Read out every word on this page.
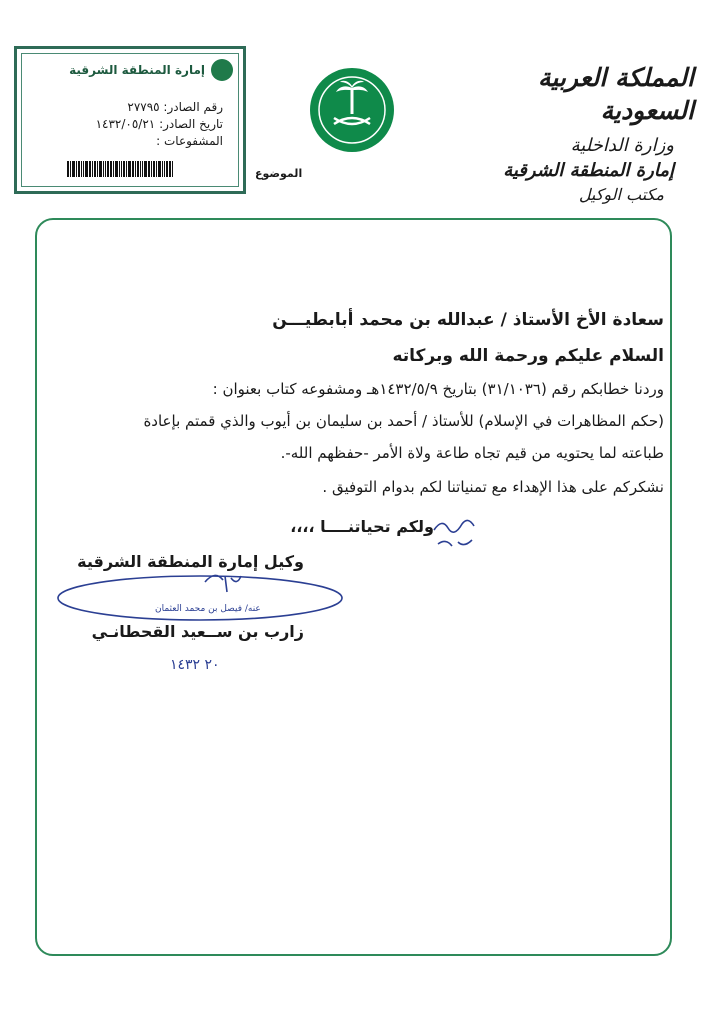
المملكة العربية السعودية
وزارة الداخلية
إمارة المنطقة الشرقية
مكتب الوكيل
الموضوع
إمارة المنطقة الشرقية
رقم الصادر: ٢٧٧٩٥
تاريخ الصادر: ١٤٣٢/٠٥/٢١
المشفوعات :
سعادة الأخ الأستاذ / عبدالله بن محمد أبابطيـــن
السلام عليكم ورحمة الله وبركاته
وردنا خطابكم رقم (٣١/١٠٣٦) بتاريخ ١٤٣٢/٥/٩هـ ومشفوعه كتاب بعنوان :
(حكم المظاهرات في الإسلام) للأستاذ / أحمد بن سليمان بن أيوب والذي قمتم بإعادة
طباعته لما يحتويه من قيم تجاه طاعة ولاة الأمر -حفظهم الله-.
نشكركم على هذا الإهداء مع تمنياتنا لكم بدوام التوفيق .
ولكم تحياتنــــا ،،،،
وكيل إمارة المنطقة الشرقية
عنه/ فيصل بن محمد العثمان
زارب بن ســعيد القحطانـي
٢٠ ١٤٣٢
